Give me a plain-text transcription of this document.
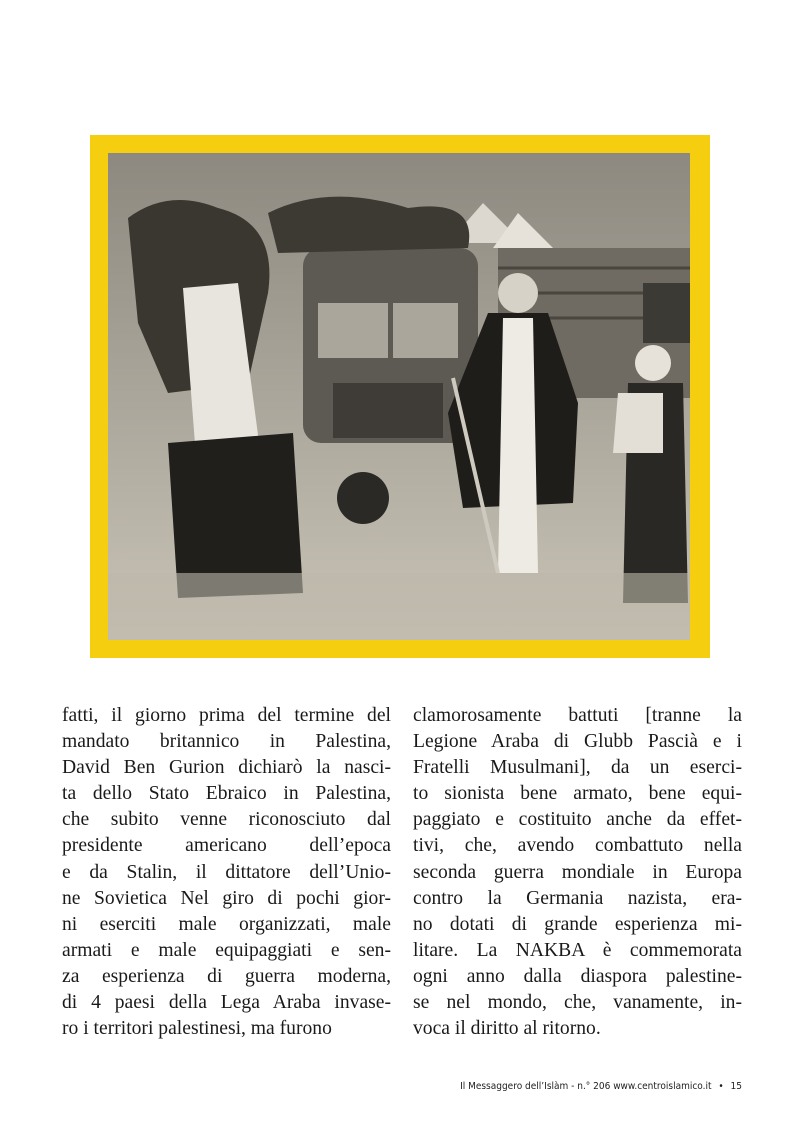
fatti, il giorno prima del termine del
mandato britannico in Palestina,
David Ben Gurion dichiarò la nasci-
ta dello Stato Ebraico in Palestina,
che subito venne riconosciuto dal
presidente americano dell’epoca
e da Stalin, il dittatore dell’Unio-
ne Sovietica Nel giro di pochi gior-
ni eserciti male organizzati, male
armati e male equipaggiati e sen-
za esperienza di guerra moderna,
di 4 paesi della Lega Araba invase-
ro i territori palestinesi, ma furono
clamorosamente battuti [tranne la
Legione Araba di Glubb Pascià e i
Fratelli Musulmani], da un eserci-
to sionista bene armato, bene equi-
paggiato e costituito anche da effet-
tivi, che, avendo combattuto nella
seconda guerra mondiale in Europa
contro la Germania nazista, era-
no dotati di grande esperienza mi-
litare. La NAKBA è commemorata
ogni anno dalla diaspora palestine-
se nel mondo, che, vanamente, in-
voca il diritto al ritorno.
Il Messaggero dell’Islàm - n.° 206 www.centroislamico.it • 15
